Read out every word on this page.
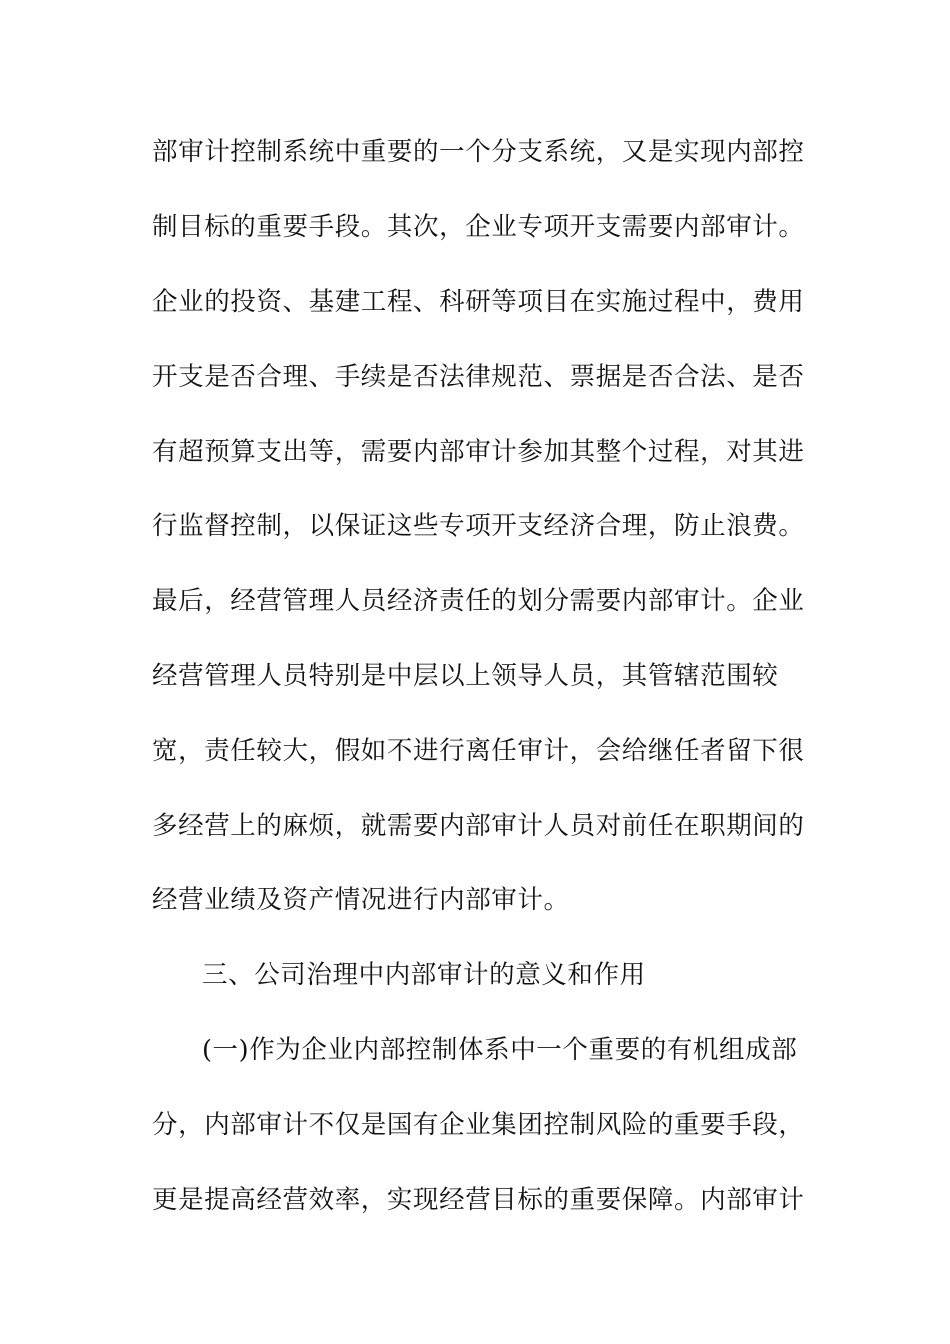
部审计控制系统中重要的一个分支系统，又是实现内部控
制目标的重要手段。其次，企业专项开支需要内部审计。
企业的投资、基建工程、科研等项目在实施过程中，费用
开支是否合理、手续是否法律规范、票据是否合法、是否
有超预算支出等，需要内部审计参加其整个过程，对其进
行监督控制，以保证这些专项开支经济合理，防止浪费。
最后，经营管理人员经济责任的划分需要内部审计。企业
经营管理人员特别是中层以上领导人员，其管辖范围较
宽，责任较大，假如不进行离任审计，会给继任者留下很
多经营上的麻烦，就需要内部审计人员对前任在职期间的
经营业绩及资产情况进行内部审计。
三、公司治理中内部审计的意义和作用
(一)作为企业内部控制体系中一个重要的有机组成部
分，内部审计不仅是国有企业集团控制风险的重要手段，
更是提高经营效率，实现经营目标的重要保障。内部审计
